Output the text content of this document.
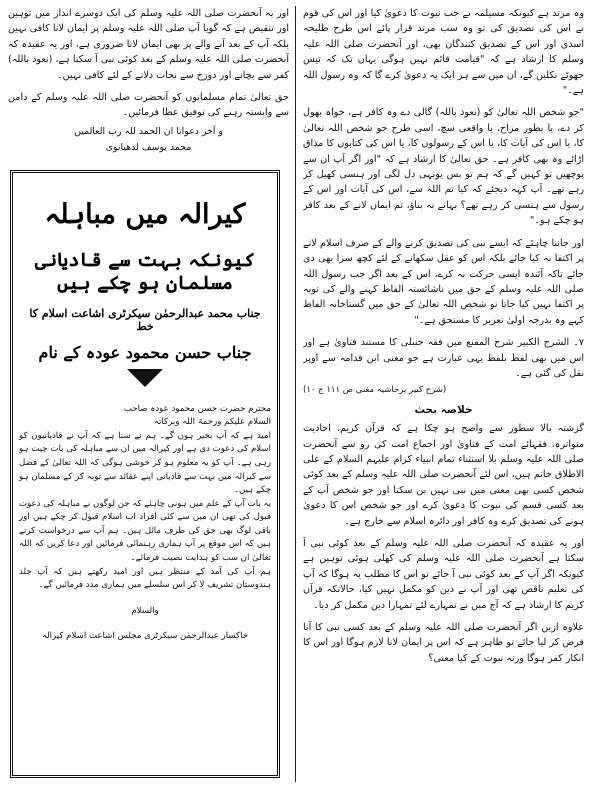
وہ مرتد ہے کیونکہ مسیلمہ نے جب نبوت کا دعویٰ کیا اور اس کی قوم نے اس کی تصدیق کی تو وہ سب مرتد قرار پائے اس طرح طلیحہ اسدی اور اس کے تصدیق کنندگان بھی، اور آنحضرت صلی اللہ علیہ وسلم کا ارشاد ہے کہ "قیامت قائم نہیں ہوگی یہاں تک کہ تیس جھوٹے نکلیں گے، ان میں سے ہر ایک یہ دعویٰ کرے گا کہ وہ رسول اللہ ہے۔"

"جو شخص اللہ تعالیٰ کو (نعوذ باللہ) گالی دے وہ کافر ہے، خواہ بھول کر دے، یا بطور مزاح، یا واقعی سچ، اسی طرح جو شخص اللہ تعالیٰ کا، یا اس کی آیات کا، یا اس کے رسولوں کا، یا اس کی کتابوں کا مذاق اڑائے وہ بھی کافر ہے۔ حق تعالیٰ کا ارشاد ہے کہ "اور اگر آپ ان سے پوچھیں تو کہیں گے کہ ہم تو بس یونہی دل لگی اور ہنسی کھیل کر رہے تھے۔ آپ کہہ دیجئے کہ کیا تم اللہ سے، اس کی آیات اور اس کے رسول سے ہنسی کر رہے تھے؟ بہانے نہ بناؤ، تم ایمان لانے کے بعد کافر ہو چکے ہو۔"

اور جاننا چاہئے کہ ایسے نبی کی تصدیق کرنے والے کے صرف اسلام لانے پر اکتفا نہ کیا جائے بلکہ اس کو عقل سکھانے کے لئے کچھ سزا بھی دی جائے تاکہ آئندہ ایسی حرکت نہ کرے، اس کے بعد اگر جب رسول اللہ صلی اللہ علیہ وسلم کے حق میں ناشائستہ الفاظ کہنے والے کی توبہ پر اکتفا نہیں کیا جاتا تو شخص اللہ تعالیٰ کے حق میں گستاخانہ الفاظ کہے وہ بدرجہ اولیٰ تعزیر کا مستحق ہے۔"

۷۔ الشرح الکبیر شرح المقنع میں فقہ حنبلی کا مستند فتاویٰ ہے اور اس میں بھی لفظ بلفظ یہی عبارت ہے جو مغنی ابن قدامہ سے اوپر نقل کی گئی ہے۔

(شرح کبیر برحاشیہ مغنی ص ۱۱۱ ج ۱۰)
خلاصہ بحث

گزشتہ بالا سطور سے واضح ہو چکا ہے کہ قرآن کریم، احادیث متواترہ، فقہائے امت کے فتاویٰ اور اجماع امت کی رو سے آنحضرت صلی اللہ علیہ وسلم بلا استثناء تمام انبیاء کرام علیہم السلام کے علی الاطلاق خاتم ہیں، اس لئے آنحضرت صلی اللہ علیہ وسلم کے بعد کوئی شخص کسی بھی معنی میں نبی نہیں بن سکتا اور جو شخص آپ کے بعد کسی قسم کی نبوت کا دعویٰ کرے اور جو شخص اس کا دعویٰ ہونے کی تصدیق کرے وہ کافر اور دائرہ اسلام سے خارج ہے۔

اور یہ عقیدہ کہ آنحضرت صلی اللہ علیہ وسلم کے بعد کوئی نبی آ سکتا ہے آنحضرت صلی اللہ علیہ وسلم کی کھلی ہوئی توہین ہے کیونکہ اگر آپ کے بعد کوئی نبی آ جائے تو اس کا مطلب یہ ہوگا کہ آپ کی تعلیم ناقص تھی اور آپ نے دین کو مکمل نہیں کیا، حالانکہ قرآن کریم کا ارشاد ہے کہ آج میں نے تمہارے لئے تمہارا دین مکمل کر دیا۔

علاوہ ازیں اگر آنحضرت صلی اللہ علیہ وسلم کے بعد کسی نبی کا آنا فرض کر لیا جائے تو ظاہر ہے کہ اس پر ایمان لانا لازم ہوگا اور اس کا انکار کفر ہوگا ورنہ نبوت کے کیا معنی؟

اور یہ آنحضرت صلی اللہ علیہ وسلم کی ایک دوسرے انداز میں توہین اور تنقیص ہے کہ گویا آپ صلی اللہ علیہ وسلم پر ایمان لانا کافی نہیں بلکہ آپ کے بعد آنے والے پر بھی ایمان لانا ضروری ہے، اور یہ عقیدہ کہ آنحضرت صلی اللہ علیہ وسلم کے بعد کوئی نبی آ سکتا ہے، (نعوذ باللہ) کفر سے بچانے اور دوزخ سے نجات دلانے کے لئے کافی نہیں۔

حق تعالیٰ تمام مسلمانوں کو آنحضرت صلی اللہ علیہ وسلم کے دامن سے وابستہ رہنے کی توفیق عطا فرمائیں۔

و آخر دعوانا ان الحمد للہ رب العالمین
محمد یوسف لدھیانوی
کیرالہ میں مباہلہ
کیونکہ بہت سے قادیانی مسلمان ہو چکے ہیں
جناب محمد عبدالرحمٰن سیکرٹری اشاعت اسلام کا خط
جناب حسن محمود عودہ کے نام

محترم حضرت حسن محمود عودہ صاحب

السلام علیکم ورحمۃ اللہ وبرکاتہ

امید ہے کہ آپ بخیر ہوں گے۔ ہم نے سنا ہے کہ آپ نے قادیانیوں کو اسلام کی دعوت دی ہے اور کیرالہ میں ان سے مباہلہ کی بات چیت ہو رہی ہے۔ آپ کو یہ معلوم ہو کر خوشی ہوگی کہ اللہ تعالیٰ کے فضل سے کیرالہ میں بہت سے قادیانی اپنے عقائد سے توبہ کر کے مسلمان ہو چکے ہیں۔

یہ بات آپ کے علم میں ہونی چاہئے کہ جن لوگوں نے مباہلہ کی دعوت قبول کی تھی ان میں سے کئی افراد اب اسلام قبول کر چکے ہیں اور باقی لوگ بھی حق کی طرف مائل ہیں۔ ہم آپ سے درخواست کرتے ہیں کہ اس موقع پر آپ ہماری رہنمائی فرمائیں اور دعا کریں کہ اللہ تعالیٰ ان سب کو ہدایت نصیب فرمائے۔

ہم آپ کی آمد کے منتظر ہیں اور امید رکھتے ہیں کہ آپ جلد ہندوستان تشریف لا کر اس سلسلے میں ہماری مدد فرمائیں گے۔

والسلام

خاکسار عبدالرحمٰن سیکرٹری مجلس اشاعت اسلام کیرالہ
